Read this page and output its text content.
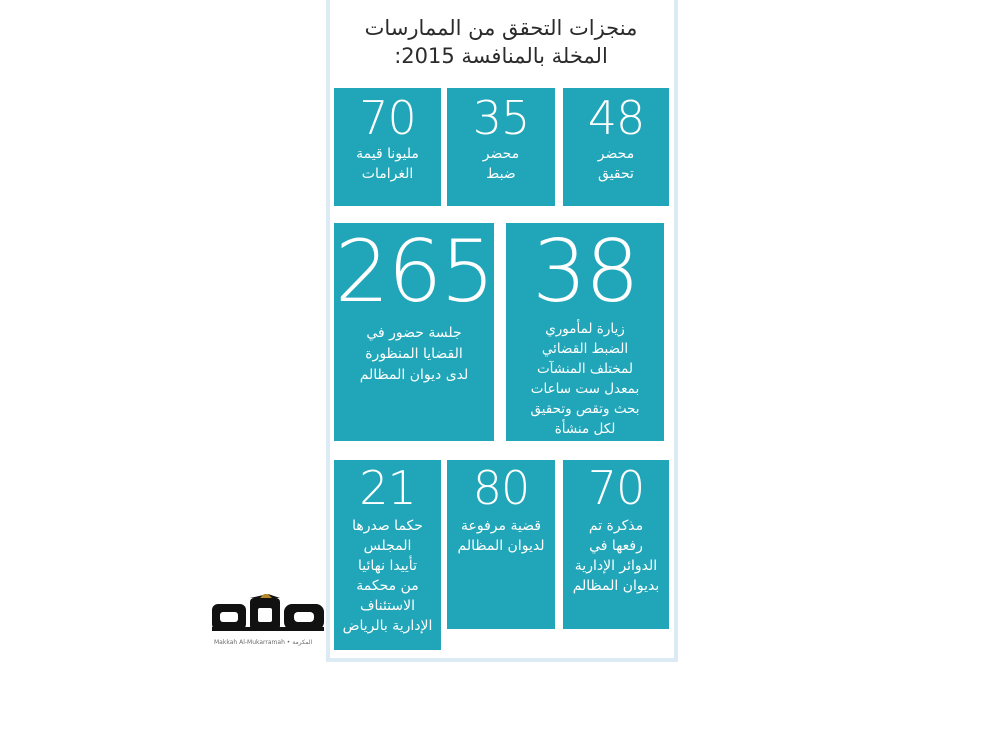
منجزات التحقق من الممارسات
المخلة بالمنافسة 2015:
48
محضر
تحقيق
35
محضر
ضبط
70
مليونا قيمة
الغرامات
38
زيارة لمأموري
الضبط القضائي
لمختلف المنشآت
بمعدل ست ساعات
بحث وتقص وتحقيق
لكل منشأة
265
جلسة حضور في
القضايا المنظورة
لدى ديوان المظالم
70
مذكرة تم
رفعها في
الدوائر الإدارية
بديوان المظالم
80
قضية مرفوعة
لديوان المظالم
21
حكما صدرها
المجلس
تأييدا نهائيا
من محكمة
الاستئناف
الإدارية بالرياض
Makkah Al-Mukarramah • المكرمة
